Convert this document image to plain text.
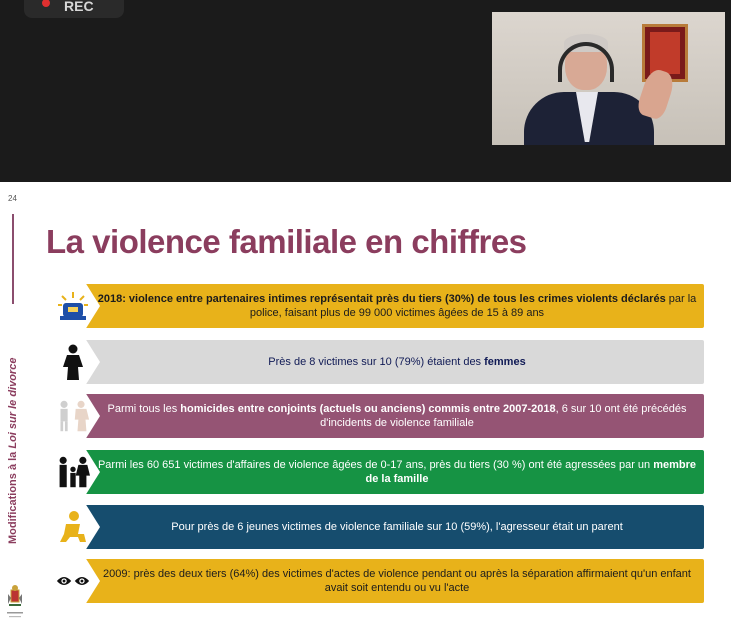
REC
24
Modifications à la Loi sur le divorce
La violence familiale en chiffres
2018: violence entre partenaires intimes représentait près du tiers (30%) de tous les crimes violents déclarés par la police, faisant plus de 99 000 victimes âgées de 15 à 89 ans
Près de 8 victimes sur 10 (79%) étaient des femmes
Parmi tous les homicides entre conjoints (actuels ou anciens) commis entre 2007-2018, 6 sur 10 ont été précédés d'incidents de violence familiale
Parmi les 60 651 victimes d'affaires de violence âgées de 0-17 ans, près du tiers (30 %) ont été agressées par un membre de la famille
Pour près de 6 jeunes victimes de violence familiale sur 10 (59%), l'agresseur était un parent
2009: près des deux tiers (64%) des victimes d'actes de violence pendant ou après la séparation affirmaient qu'un enfant avait soit entendu ou vu l'acte
